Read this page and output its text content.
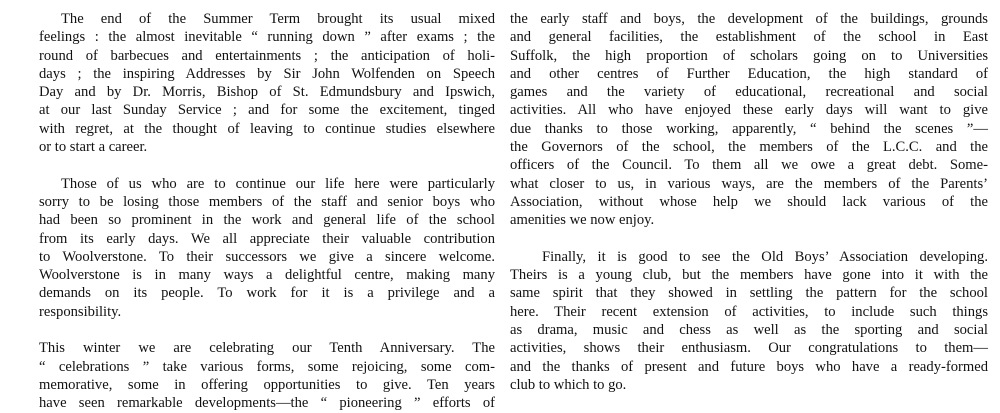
The end of the Summer Term brought its usual mixed
feelings : the almost inevitable “ running down ” after exams ; the
round of barbecues and entertainments ; the anticipation of holi-
days ; the inspiring Addresses by Sir John Wolfenden on Speech
Day and by Dr. Morris, Bishop of St. Edmundsbury and Ipswich,
at our last Sunday Service ; and for some the excitement, tinged
with regret, at the thought of leaving to continue studies elsewhere
or to start a career.
Those of us who are to continue our life here were particularly
sorry to be losing those members of the staff and senior boys who
had been so prominent in the work and general life of the school
from its early days. We all appreciate their valuable contribution
to Woolverstone. To their successors we give a sincere welcome.
Woolverstone is in many ways a delightful centre, making many
demands on its people. To work for it is a privilege and a
responsibility.
This winter we are celebrating our Tenth Anniversary. The
“ celebrations ” take various forms, some rejoicing, some com-
memorative, some in offering opportunities to give. Ten years
have seen remarkable developments—the “ pioneering ” efforts of
the early staff and boys, the development of the buildings, grounds
and general facilities, the establishment of the school in East
Suffolk, the high proportion of scholars going on to Universities
and other centres of Further Education, the high standard of
games and the variety of educational, recreational and social
activities. All who have enjoyed these early days will want to give
due thanks to those working, apparently, “ behind the scenes ”—
the Governors of the school, the members of the L.C.C. and the
officers of the Council. To them all we owe a great debt. Some-
what closer to us, in various ways, are the members of the Parents’
Association, without whose help we should lack various of the
amenities we now enjoy.
Finally, it is good to see the Old Boys’ Association developing.
Theirs is a young club, but the members have gone into it with the
same spirit that they showed in settling the pattern for the school
here. Their recent extension of activities, to include such things
as drama, music and chess as well as the sporting and social
activities, shows their enthusiasm. Our congratulations to them—
and the thanks of present and future boys who have a ready-formed
club to which to go.
